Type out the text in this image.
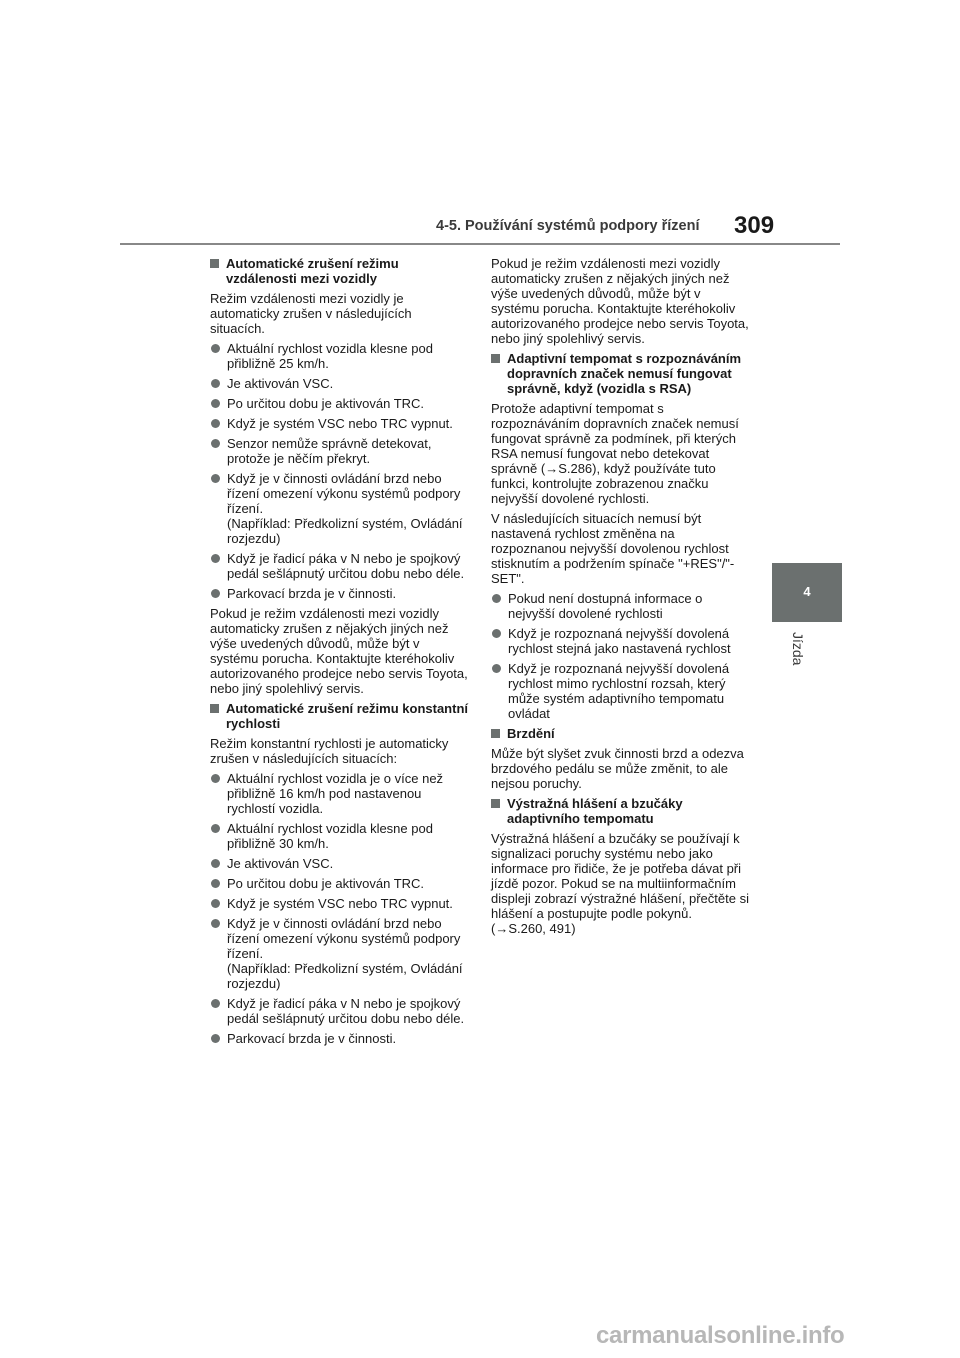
4-5. Používání systémů podpory řízení 309
4
Jízda
Automatické zrušení režimu vzdálenosti mezi vozidly

Režim vzdálenosti mezi vozidly je automaticky zrušen v následujících situacích.

Aktuální rychlost vozidla klesne pod přibližně 25 km/h.
Je aktivován VSC.
Po určitou dobu je aktivován TRC.
Když je systém VSC nebo TRC vypnut.
Senzor nemůže správně detekovat, protože je něčím překryt.
Když je v činnosti ovládání brzd nebo řízení omezení výkonu systémů podpory řízení.
(Například: Předkolizní systém, Ovládání rozjezdu)
Když je řadicí páka v N nebo je spojkový pedál sešlápnutý určitou dobu nebo déle.
Parkovací brzda je v činnosti.

Pokud je režim vzdálenosti mezi vozidly automaticky zrušen z nějakých jiných než výše uvedených důvodů, může být v systému porucha. Kontaktujte kteréhokoliv autorizovaného prodejce nebo servis Toyota, nebo jiný spolehlivý servis.

Automatické zrušení režimu konstantní rychlosti

Režim konstantní rychlosti je automaticky zrušen v následujících situacích:

Aktuální rychlost vozidla je o více než přibližně 16 km/h pod nastavenou rychlostí vozidla.
Aktuální rychlost vozidla klesne pod přibližně 30 km/h.
Je aktivován VSC.
Po určitou dobu je aktivován TRC.
Když je systém VSC nebo TRC vypnut.
Když je v činnosti ovládání brzd nebo řízení omezení výkonu systémů podpory řízení.
(Například: Předkolizní systém, Ovládání rozjezdu)
Když je řadicí páka v N nebo je spojkový pedál sešlápnutý určitou dobu nebo déle.
Parkovací brzda je v činnosti.

Pokud je režim vzdálenosti mezi vozidly automaticky zrušen z nějakých jiných než výše uvedených důvodů, může být v systému porucha. Kontaktujte kteréhokoliv autorizovaného prodejce nebo servis Toyota, nebo jiný spolehlivý servis.

Adaptivní tempomat s rozpoznáváním dopravních značek nemusí fungovat správně, když (vozidla s RSA)

Protože adaptivní tempomat s rozpoznáváním dopravních značek nemusí fungovat správně za podmínek, při kterých RSA nemusí fungovat nebo detekovat správně (→S.286), když používáte tuto funkci, kontrolujte zobrazenou značku nejvyšší dovolené rychlosti.

V následujících situacích nemusí být nastavená rychlost změněna na rozpoznanou nejvyšší dovolenou rychlost stisknutím a podržením spínače "+RES"/"-SET".

Pokud není dostupná informace o nejvyšší dovolené rychlosti
Když je rozpoznaná nejvyšší dovolená rychlost stejná jako nastavená rychlost
Když je rozpoznaná nejvyšší dovolená rychlost mimo rychlostní rozsah, který může systém adaptivního tempomatu ovládat
Brzdění

Může být slyšet zvuk činnosti brzd a odezva brzdového pedálu se může změnit, to ale nejsou poruchy.

Výstražná hlášení a bzučáky adaptivního tempomatu

Výstražná hlášení a bzučáky se používají k signalizaci poruchy systému nebo jako informace pro řidiče, že je potřeba dávat při jízdě pozor. Pokud se na multiinformačním displeji zobrazí výstražné hlášení, přečtěte si hlášení a postupujte podle pokynů. (→S.260, 491)

carmanualsonline.info
